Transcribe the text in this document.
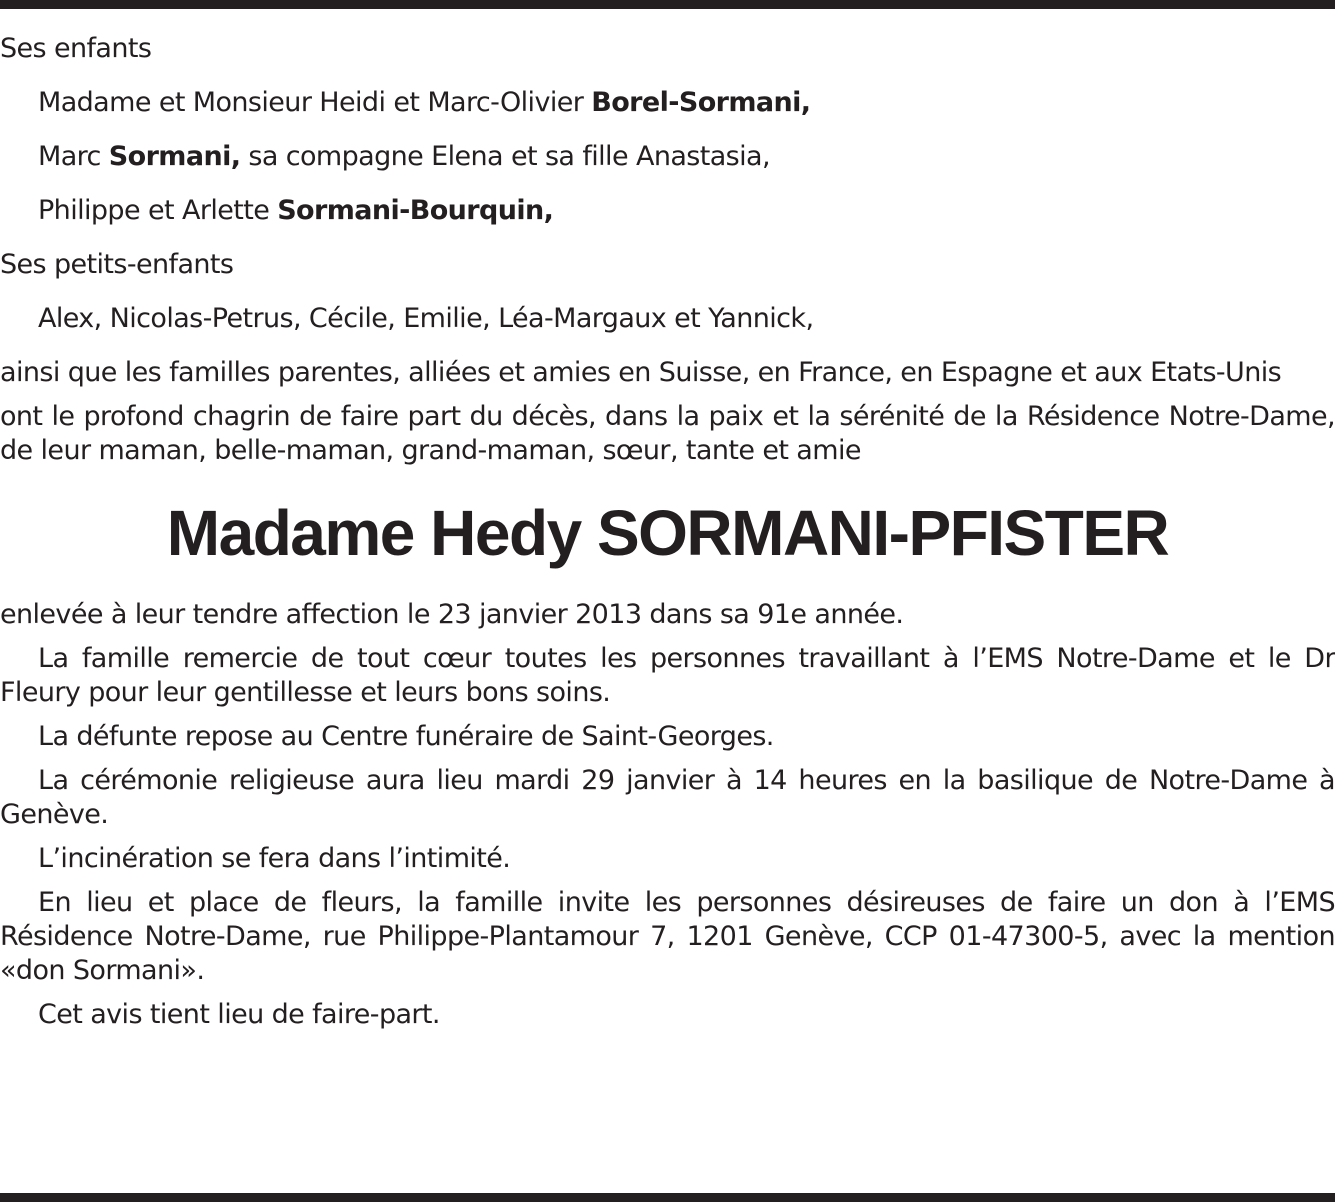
Ses enfants
Madame et Monsieur Heidi et Marc-Olivier Borel-Sormani,
Marc Sormani, sa compagne Elena et sa fille Anastasia,
Philippe et Arlette Sormani-Bourquin,
Ses petits-enfants
Alex, Nicolas-Petrus, Cécile, Emilie, Léa-Margaux et Yannick,
ainsi que les familles parentes, alliées et amies en Suisse, en France, en Espagne et aux Etats-Unis
ont le profond chagrin de faire part du décès, dans la paix et la sérénité de la Résidence Notre-Dame, de leur maman, belle-maman, grand-maman, sœur, tante et amie
Madame Hedy SORMANI-PFISTER
enlevée à leur tendre affection le 23 janvier 2013 dans sa 91e année.
La famille remercie de tout cœur toutes les personnes travaillant à l’EMS Notre-Dame et le Dr Fleury pour leur gentillesse et leurs bons soins.
La défunte repose au Centre funéraire de Saint-Georges.
La cérémonie religieuse aura lieu mardi 29 janvier à 14 heures en la basilique de Notre-Dame à Genève.
L’incinération se fera dans l’intimité.
En lieu et place de fleurs, la famille invite les personnes désireuses de faire un don à l’EMS Résidence Notre-Dame, rue Philippe-Plantamour 7, 1201 Genève, CCP 01-47300-5, avec la mention «don Sormani».
Cet avis tient lieu de faire-part.
